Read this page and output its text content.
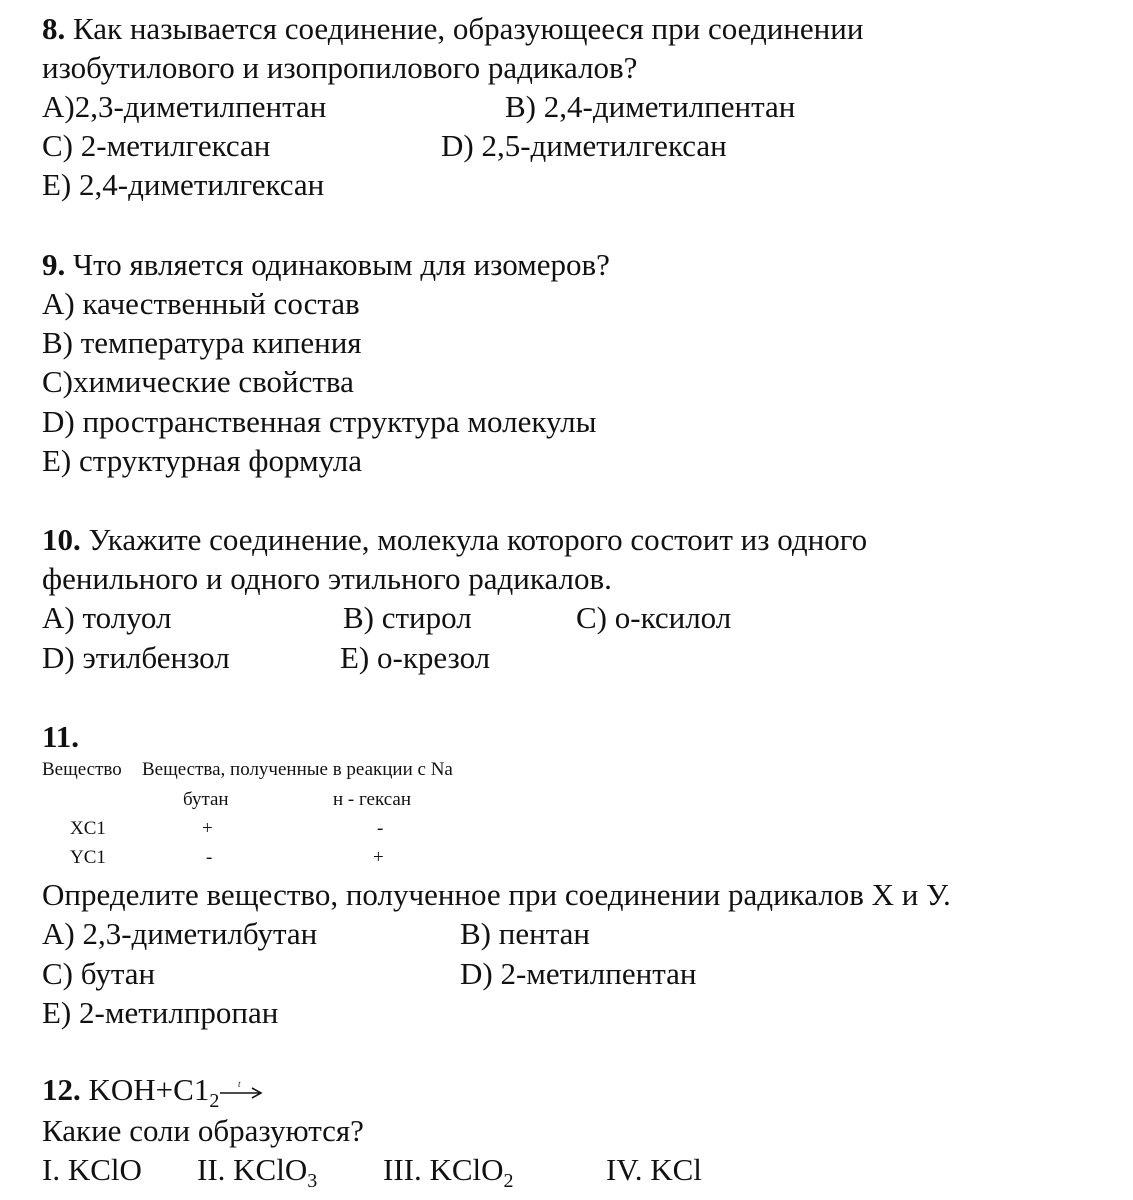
8. Как называется соединение, образующееся при соединении
изобутилового и изопропилового радикалов?
A)2,3-диметилпентан	B) 2,4-диметилпентан
C) 2-метилгексан	D) 2,5-диметилгексан
E) 2,4-диметилгексан
9. Что является одинаковым для изомеров?
A) качественный состав
B) температура кипения
C)химические свойства
D) пространственная структура молекулы
E) структурная формула
10. Укажите соединение, молекула которого состоит из одного
фенильного и одного этильного радикалов.
A) толуол	B) стирол	C) о-ксилол
D) этилбензол	E) о-крезол
11.
Вещество Вещества, полученные в реакции с Na
бутан	н - гексан
XC1	+	-
YC1	-	+
Определите вещество, полученное при соединении радикалов X и У.
A) 2,3-диметилбутан	B) пентан
C) бутан	D) 2-метилпентан
E) 2-метилпропан
12. $KOH+C1_2$
t
Какие соли образуются?
I. KClO II. KClO$_3$ III. KClO$_2$	IV. KCl
